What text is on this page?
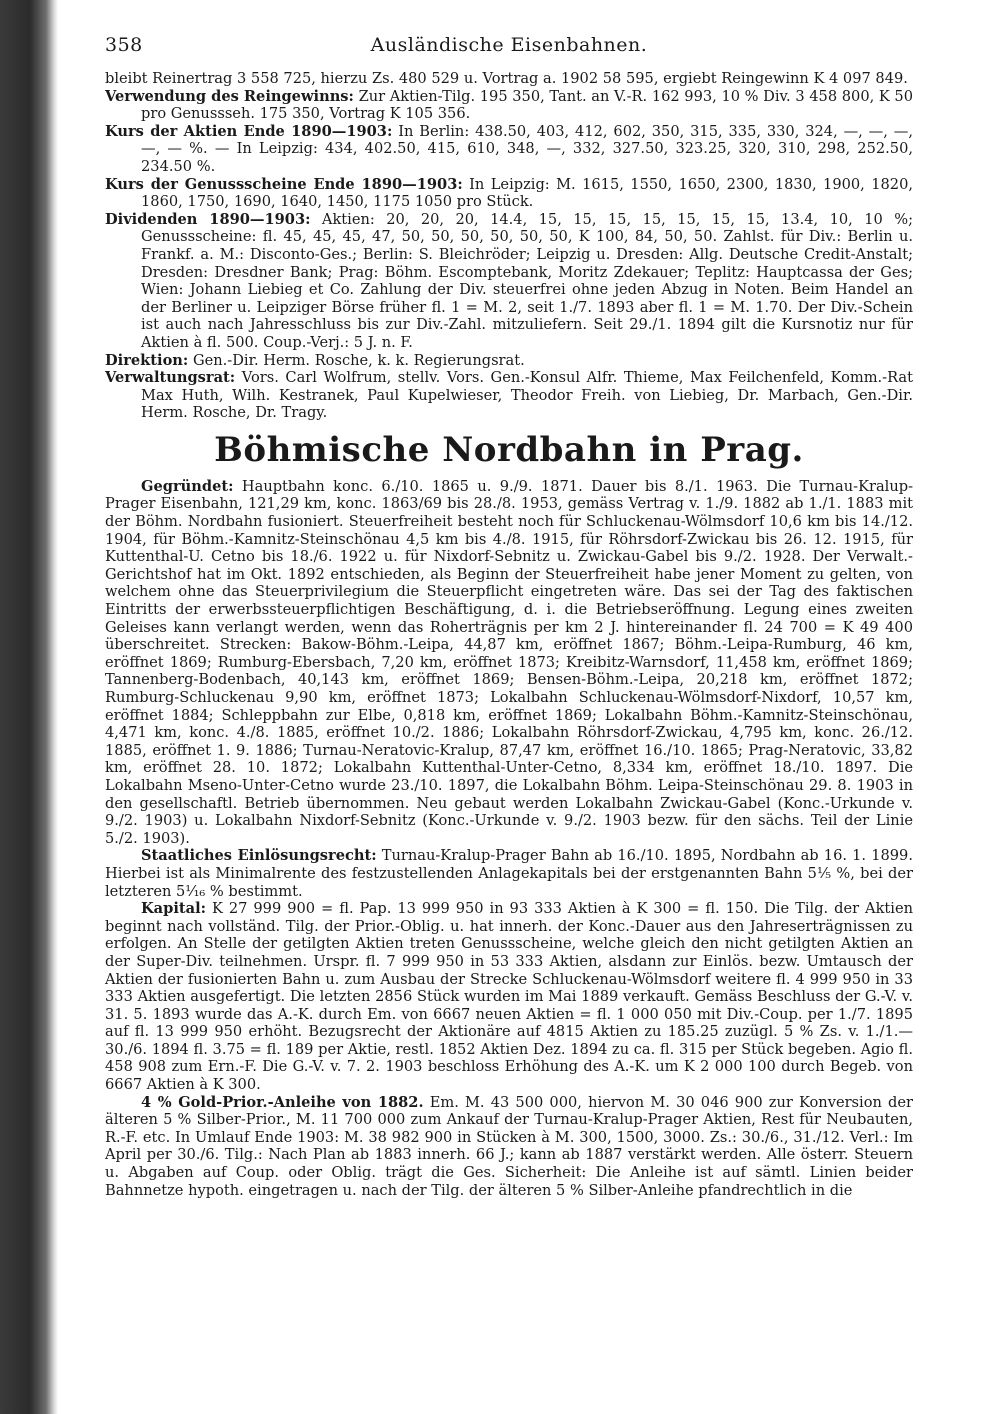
358	Ausländische Eisenbahnen.

bleibt Reinertrag 3 558 725, hierzu Zs. 480 529 u. Vortrag a. 1902 58 595, ergiebt Reingewinn K 4 097 849.

Verwendung des Reingewinns: Zur Aktien-Tilg. 195 350, Tant. an V.-R. 162 993, 10 % Div. 3 458 800, K 50 pro Genussseh. 175 350, Vortrag K 105 356.

Kurs der Aktien Ende 1890—1903: In Berlin: 438.50, 403, 412, 602, 350, 315, 335, 330, 324, —, —, —, —, — %. — In Leipzig: 434, 402.50, 415, 610, 348, —, 332, 327.50, 323.25, 320, 310, 298, 252.50, 234.50 %.

Kurs der Genussscheine Ende 1890—1903: In Leipzig: M. 1615, 1550, 1650, 2300, 1830, 1900, 1820, 1860, 1750, 1690, 1640, 1450, 1175 1050 pro Stück.

Dividenden 1890—1903: Aktien: 20, 20, 20, 14.4, 15, 15, 15, 15, 15, 15, 15, 13.4, 10, 10 %; Genussscheine: fl. 45, 45, 45, 47, 50, 50, 50, 50, 50, 50, K 100, 84, 50, 50. Zahlst. für Div.: Berlin u. Frankf. a. M.: Disconto-Ges.; Berlin: S. Bleichröder; Leipzig u. Dresden: Allg. Deutsche Credit-Anstalt; Dresden: Dresdner Bank; Prag: Böhm. Escomptebank, Moritz Zdekauer; Teplitz: Hauptcassa der Ges; Wien: Johann Liebieg et Co. Zahlung der Div. steuerfrei ohne jeden Abzug in Noten. Beim Handel an der Berliner u. Leipziger Börse früher fl. 1 = M. 2, seit 1./7. 1893 aber fl. 1 = M. 1.70. Der Div.-Schein ist auch nach Jahresschluss bis zur Div.-Zahl. mitzuliefern. Seit 29./1. 1894 gilt die Kursnotiz nur für Aktien à fl. 500. Coup.-Verj.: 5 J. n. F.

Direktion: Gen.-Dir. Herm. Rosche, k. k. Regierungsrat.

Verwaltungsrat: Vors. Carl Wolfrum, stellv. Vors. Gen.-Konsul Alfr. Thieme, Max Feilchenfeld, Komm.-Rat Max Huth, Wilh. Kestranek, Paul Kupelwieser, Theodor Freih. von Liebieg, Dr. Marbach, Gen.-Dir. Herm. Rosche, Dr. Tragy.

Böhmische Nordbahn in Prag.

Gegründet: Hauptbahn konc. 6./10. 1865 u. 9./9. 1871. Dauer bis 8./1. 1963. Die Turnau-Kralup-Prager Eisenbahn, 121,29 km, konc. 1863/69 bis 28./8. 1953, gemäss Vertrag v. 1./9. 1882 ab 1./1. 1883 mit der Böhm. Nordbahn fusioniert. Steuerfreiheit besteht noch für Schluckenau-Wölmsdorf 10,6 km bis 14./12. 1904, für Böhm.-Kamnitz-Steinschönau 4,5 km bis 4./8. 1915, für Röhrsdorf-Zwickau bis 26. 12. 1915, für Kuttenthal-U. Cetno bis 18./6. 1922 u. für Nixdorf-Sebnitz u. Zwickau-Gabel bis 9./2. 1928. Der Verwalt.-Gerichtshof hat im Okt. 1892 entschieden, als Beginn der Steuerfreiheit habe jener Moment zu gelten, von welchem ohne das Steuerprivilegium die Steuerpflicht eingetreten wäre. Das sei der Tag des faktischen Eintritts der erwerbssteuerpflichtigen Beschäftigung, d. i. die Betriebseröffnung. Legung eines zweiten Geleises kann verlangt werden, wenn das Roherträgnis per km 2 J. hintereinander fl. 24 700 = K 49 400 überschreitet. Strecken: Bakow-Böhm.-Leipa, 44,87 km, eröffnet 1867; Böhm.-Leipa-Rumburg, 46 km, eröffnet 1869; Rumburg-Ebersbach, 7,20 km, eröffnet 1873; Kreibitz-Warnsdorf, 11,458 km, eröffnet 1869; Tannenberg-Bodenbach, 40,143 km, eröffnet 1869; Bensen-Böhm.-Leipa, 20,218 km, eröffnet 1872; Rumburg-Schluckenau 9,90 km, eröffnet 1873; Lokalbahn Schluckenau-Wölmsdorf-Nixdorf, 10,57 km, eröffnet 1884; Schleppbahn zur Elbe, 0,818 km, eröffnet 1869; Lokalbahn Böhm.-Kamnitz-Steinschönau, 4,471 km, konc. 4./8. 1885, eröffnet 10./2. 1886; Lokalbahn Röhrsdorf-Zwickau, 4,795 km, konc. 26./12. 1885, eröffnet 1. 9. 1886; Turnau-Neratovic-Kralup, 87,47 km, eröffnet 16./10. 1865; Prag-Neratovic, 33,82 km, eröffnet 28. 10. 1872; Lokalbahn Kuttenthal-Unter-Cetno, 8,334 km, eröffnet 18./10. 1897. Die Lokalbahn Mseno-Unter-Cetno wurde 23./10. 1897, die Lokalbahn Böhm. Leipa-Steinschönau 29. 8. 1903 in den gesellschaftl. Betrieb übernommen. Neu gebaut werden Lokalbahn Zwickau-Gabel (Konc.-Urkunde v. 9./2. 1903) u. Lokalbahn Nixdorf-Sebnitz (Konc.-Urkunde v. 9./2. 1903 bezw. für den sächs. Teil der Linie 5./2. 1903).

Staatliches Einlösungsrecht: Turnau-Kralup-Prager Bahn ab 16./10. 1895, Nordbahn ab 16. 1. 1899. Hierbei ist als Minimalrente des festzustellenden Anlagekapitals bei der erstgenannten Bahn 5⅟₅ %, bei der letzteren 5⅟₁₆ % bestimmt.

Kapital: K 27 999 900 = fl. Pap. 13 999 950 in 93 333 Aktien à K 300 = fl. 150. Die Tilg. der Aktien beginnt nach vollständ. Tilg. der Prior.-Oblig. u. hat innerh. der Konc.-Dauer aus den Jahreserträgnissen zu erfolgen. An Stelle der getilgten Aktien treten Genussscheine, welche gleich den nicht getilgten Aktien an der Super-Div. teilnehmen. Urspr. fl. 7 999 950 in 53 333 Aktien, alsdann zur Einlös. bezw. Umtausch der Aktien der fusionierten Bahn u. zum Ausbau der Strecke Schluckenau-Wölmsdorf weitere fl. 4 999 950 in 33 333 Aktien ausgefertigt. Die letzten 2856 Stück wurden im Mai 1889 verkauft. Gemäss Beschluss der G.-V. v. 31. 5. 1893 wurde das A.-K. durch Em. von 6667 neuen Aktien = fl. 1 000 050 mit Div.-Coup. per 1./7. 1895 auf fl. 13 999 950 erhöht. Bezugsrecht der Aktionäre auf 4815 Aktien zu 185.25 zuzügl. 5 % Zs. v. 1./1.—30./6. 1894 fl. 3.75 = fl. 189 per Aktie, restl. 1852 Aktien Dez. 1894 zu ca. fl. 315 per Stück begeben. Agio fl. 458 908 zum Ern.-F. Die G.-V. v. 7. 2. 1903 beschloss Erhöhung des A.-K. um K 2 000 100 durch Begeb. von 6667 Aktien à K 300.

4 % Gold-Prior.-Anleihe von 1882. Em. M. 43 500 000, hiervon M. 30 046 900 zur Konversion der älteren 5 % Silber-Prior., M. 11 700 000 zum Ankauf der Turnau-Kralup-Prager Aktien, Rest für Neubauten, R.-F. etc. In Umlauf Ende 1903: M. 38 982 900 in Stücken à M. 300, 1500, 3000. Zs.: 30./6., 31./12. Verl.: Im April per 30./6. Tilg.: Nach Plan ab 1883 innerh. 66 J.; kann ab 1887 verstärkt werden. Alle österr. Steuern u. Abgaben auf Coup. oder Oblig. trägt die Ges. Sicherheit: Die Anleihe ist auf sämtl. Linien beider Bahnnetze hypoth. eingetragen u. nach der Tilg. der älteren 5 % Silber-Anleihe pfandrechtlich in die
